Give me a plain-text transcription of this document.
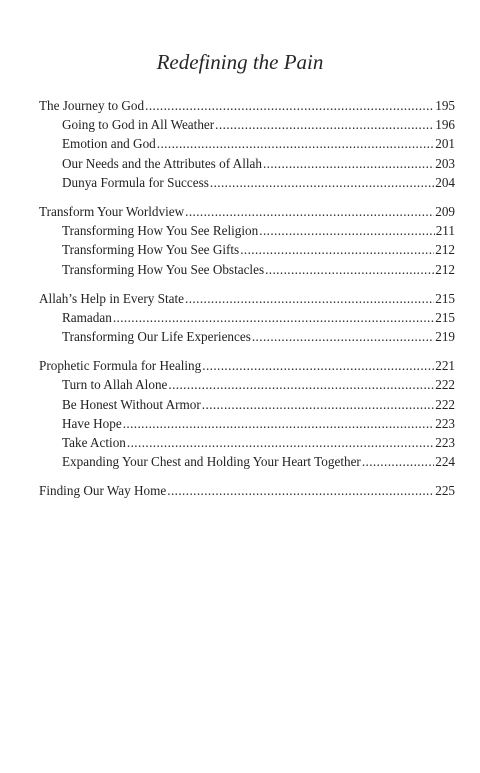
Redefining the Pain
The Journey to God .....	195
Going to God in All Weather .....	196
Emotion and God .....	201
Our Needs and the Attributes of Allah .....	203
Dunya Formula for Success .....	204
Transform Your Worldview .....	209
Transforming How You See Religion .....	211
Transforming How You See Gifts .....	212
Transforming How You See Obstacles .....	212
Allah’s Help in Every State .....	215
Ramadan .....	215
Transforming Our Life Experiences .....	219
Prophetic Formula for Healing .....	221
Turn to Allah Alone .....	222
Be Honest Without Armor .....	222
Have Hope .....	223
Take Action .....	223
Expanding Your Chest and Holding Your Heart Together .....	224
Finding Our Way Home .....	225
